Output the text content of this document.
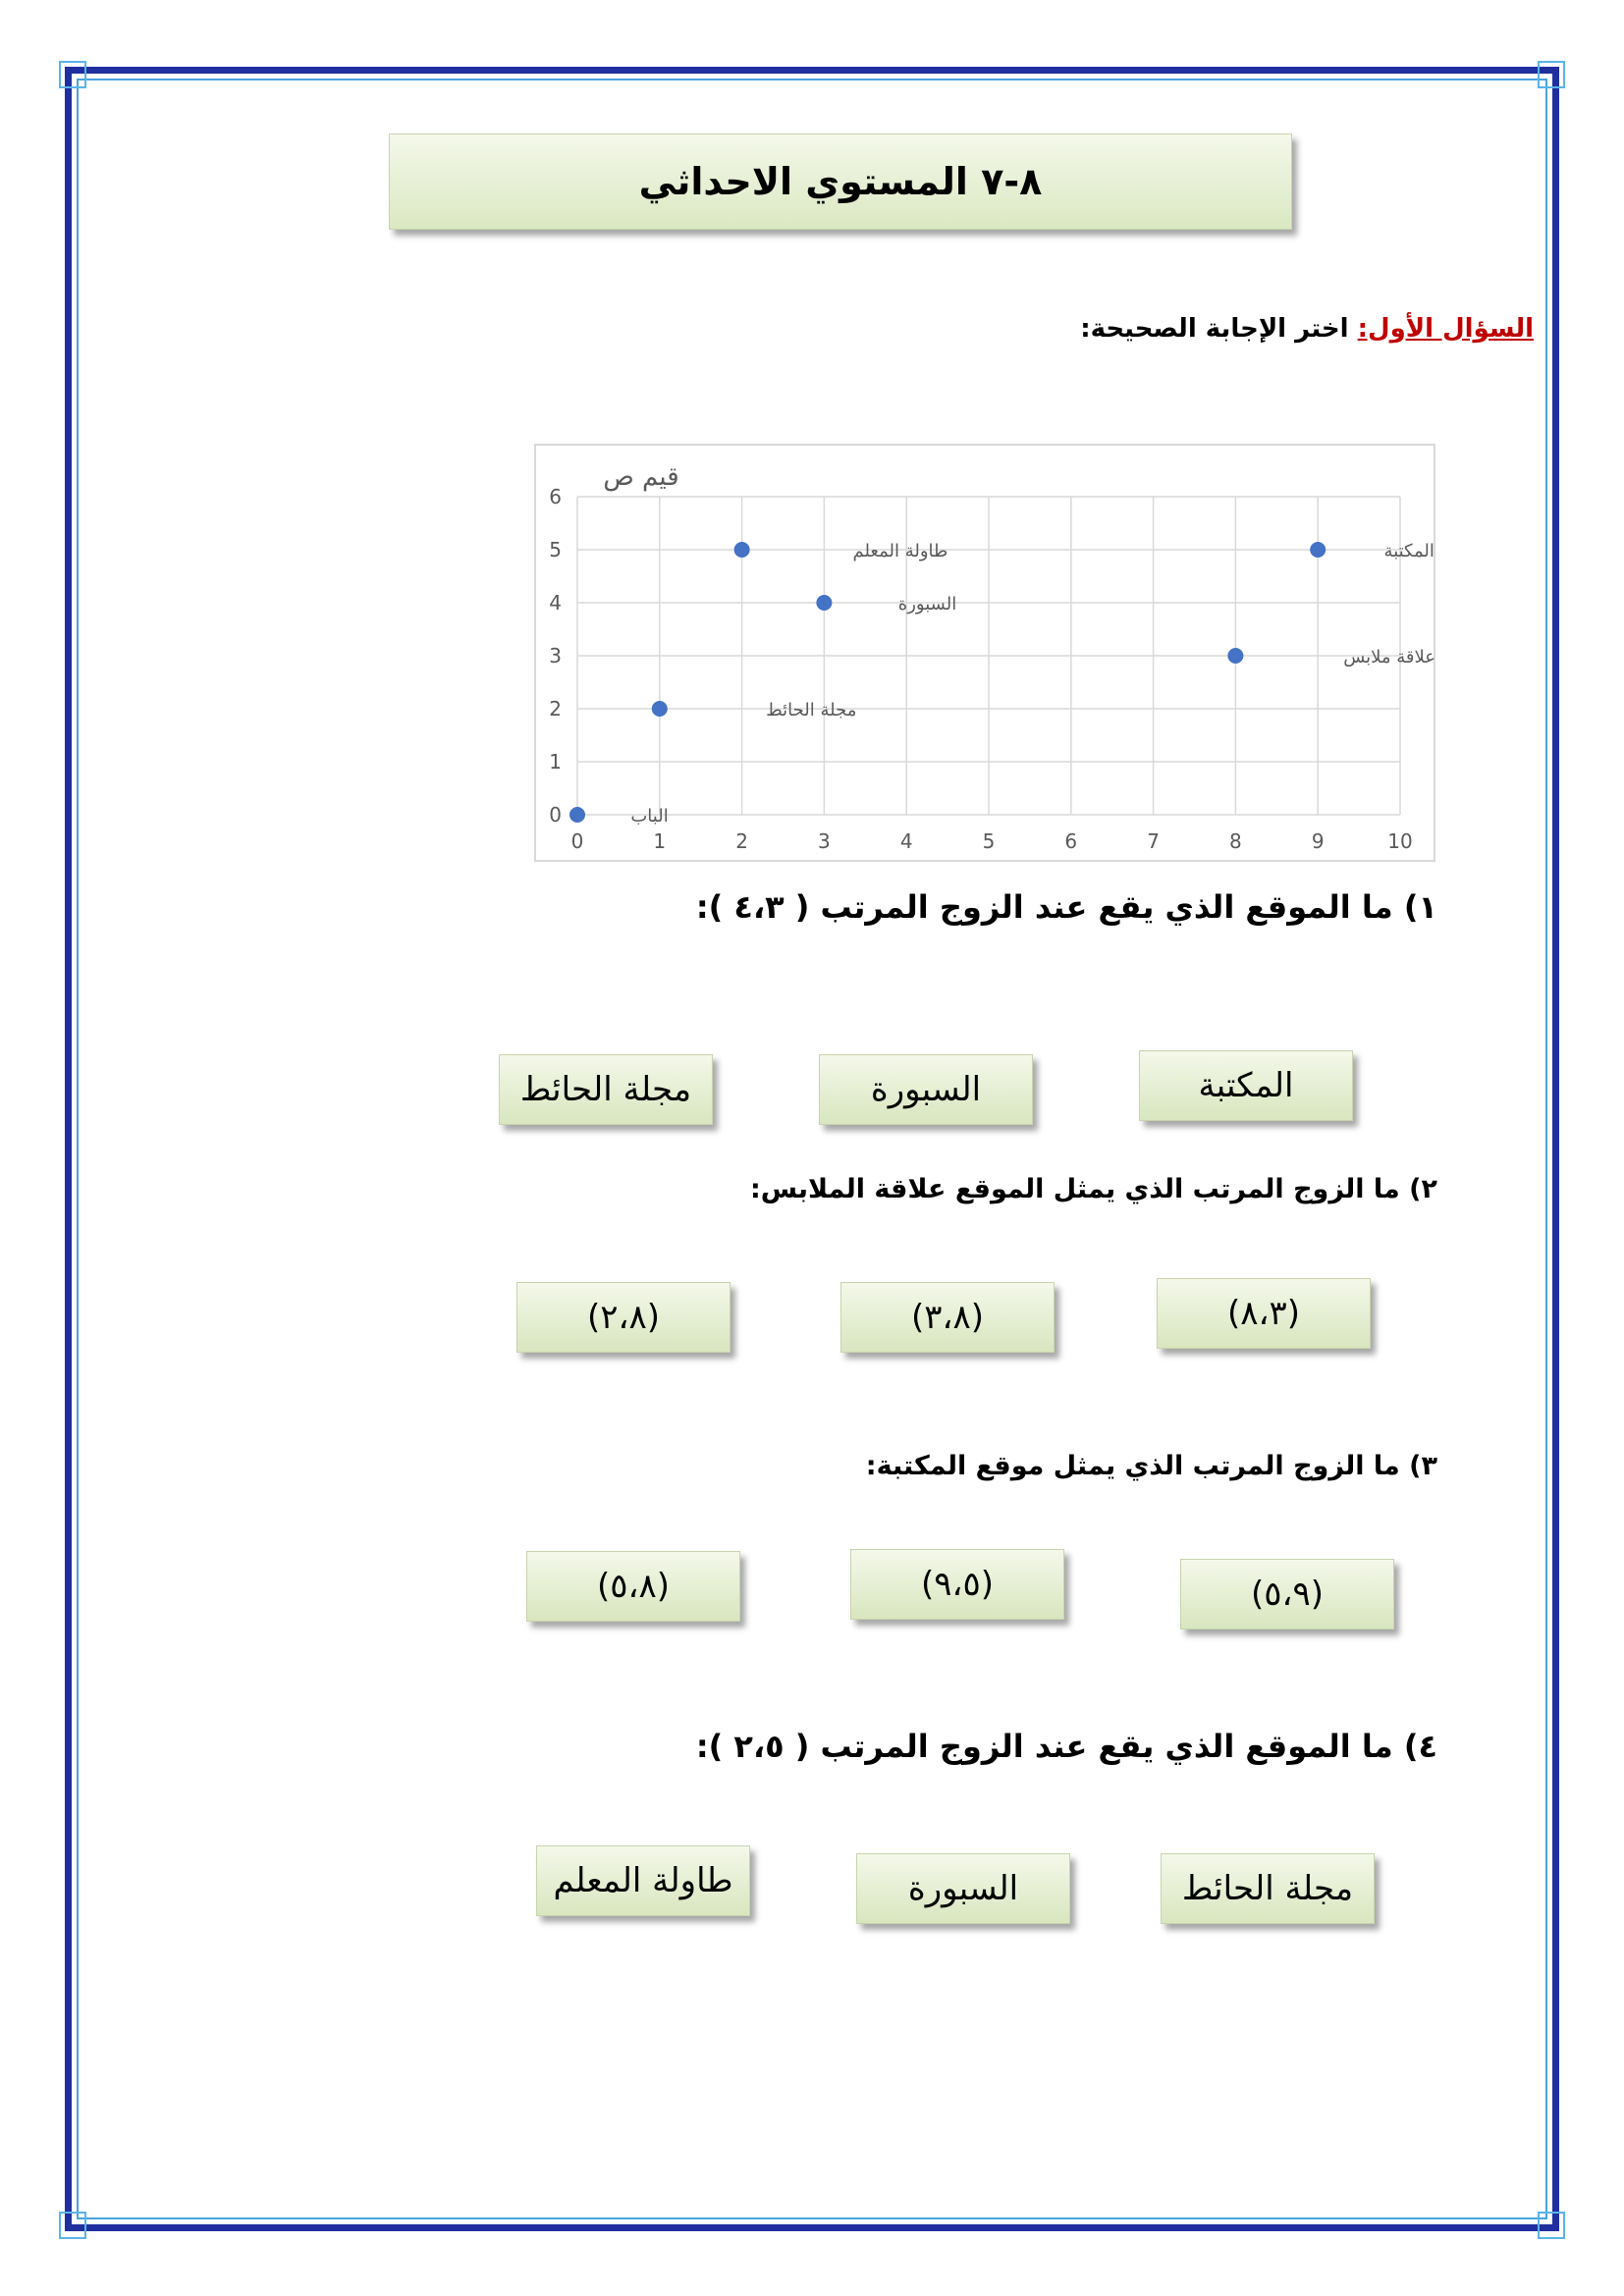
٨-٧ المستوي الاحداثي
السؤال الأول: اختر الإجابة الصحيحة:
0	1	2	3	4	5	6	7	8	9	10
0
1
2
3
4
5
6
قيم ص
الباب
مجلة الحائط
طاولة المعلم
السبورة
علاقة ملابس
المكتبة
١) ما الموقع الذي يقع عند الزوج المرتب ( ٤،٣ ):
المكتبة
السبورة
مجلة الحائط
٢) ما الزوج المرتب الذي يمثل الموقع علاقة الملابس:
(٨،٣)
(٣،٨)
(٢،٨)
٣) ما الزوج المرتب الذي يمثل موقع المكتبة:
(٥،٩)
(٩،٥)
(٥،٨)
٤) ما الموقع الذي يقع عند الزوج المرتب ( ٢،٥ ):
مجلة الحائط
السبورة
طاولة المعلم
